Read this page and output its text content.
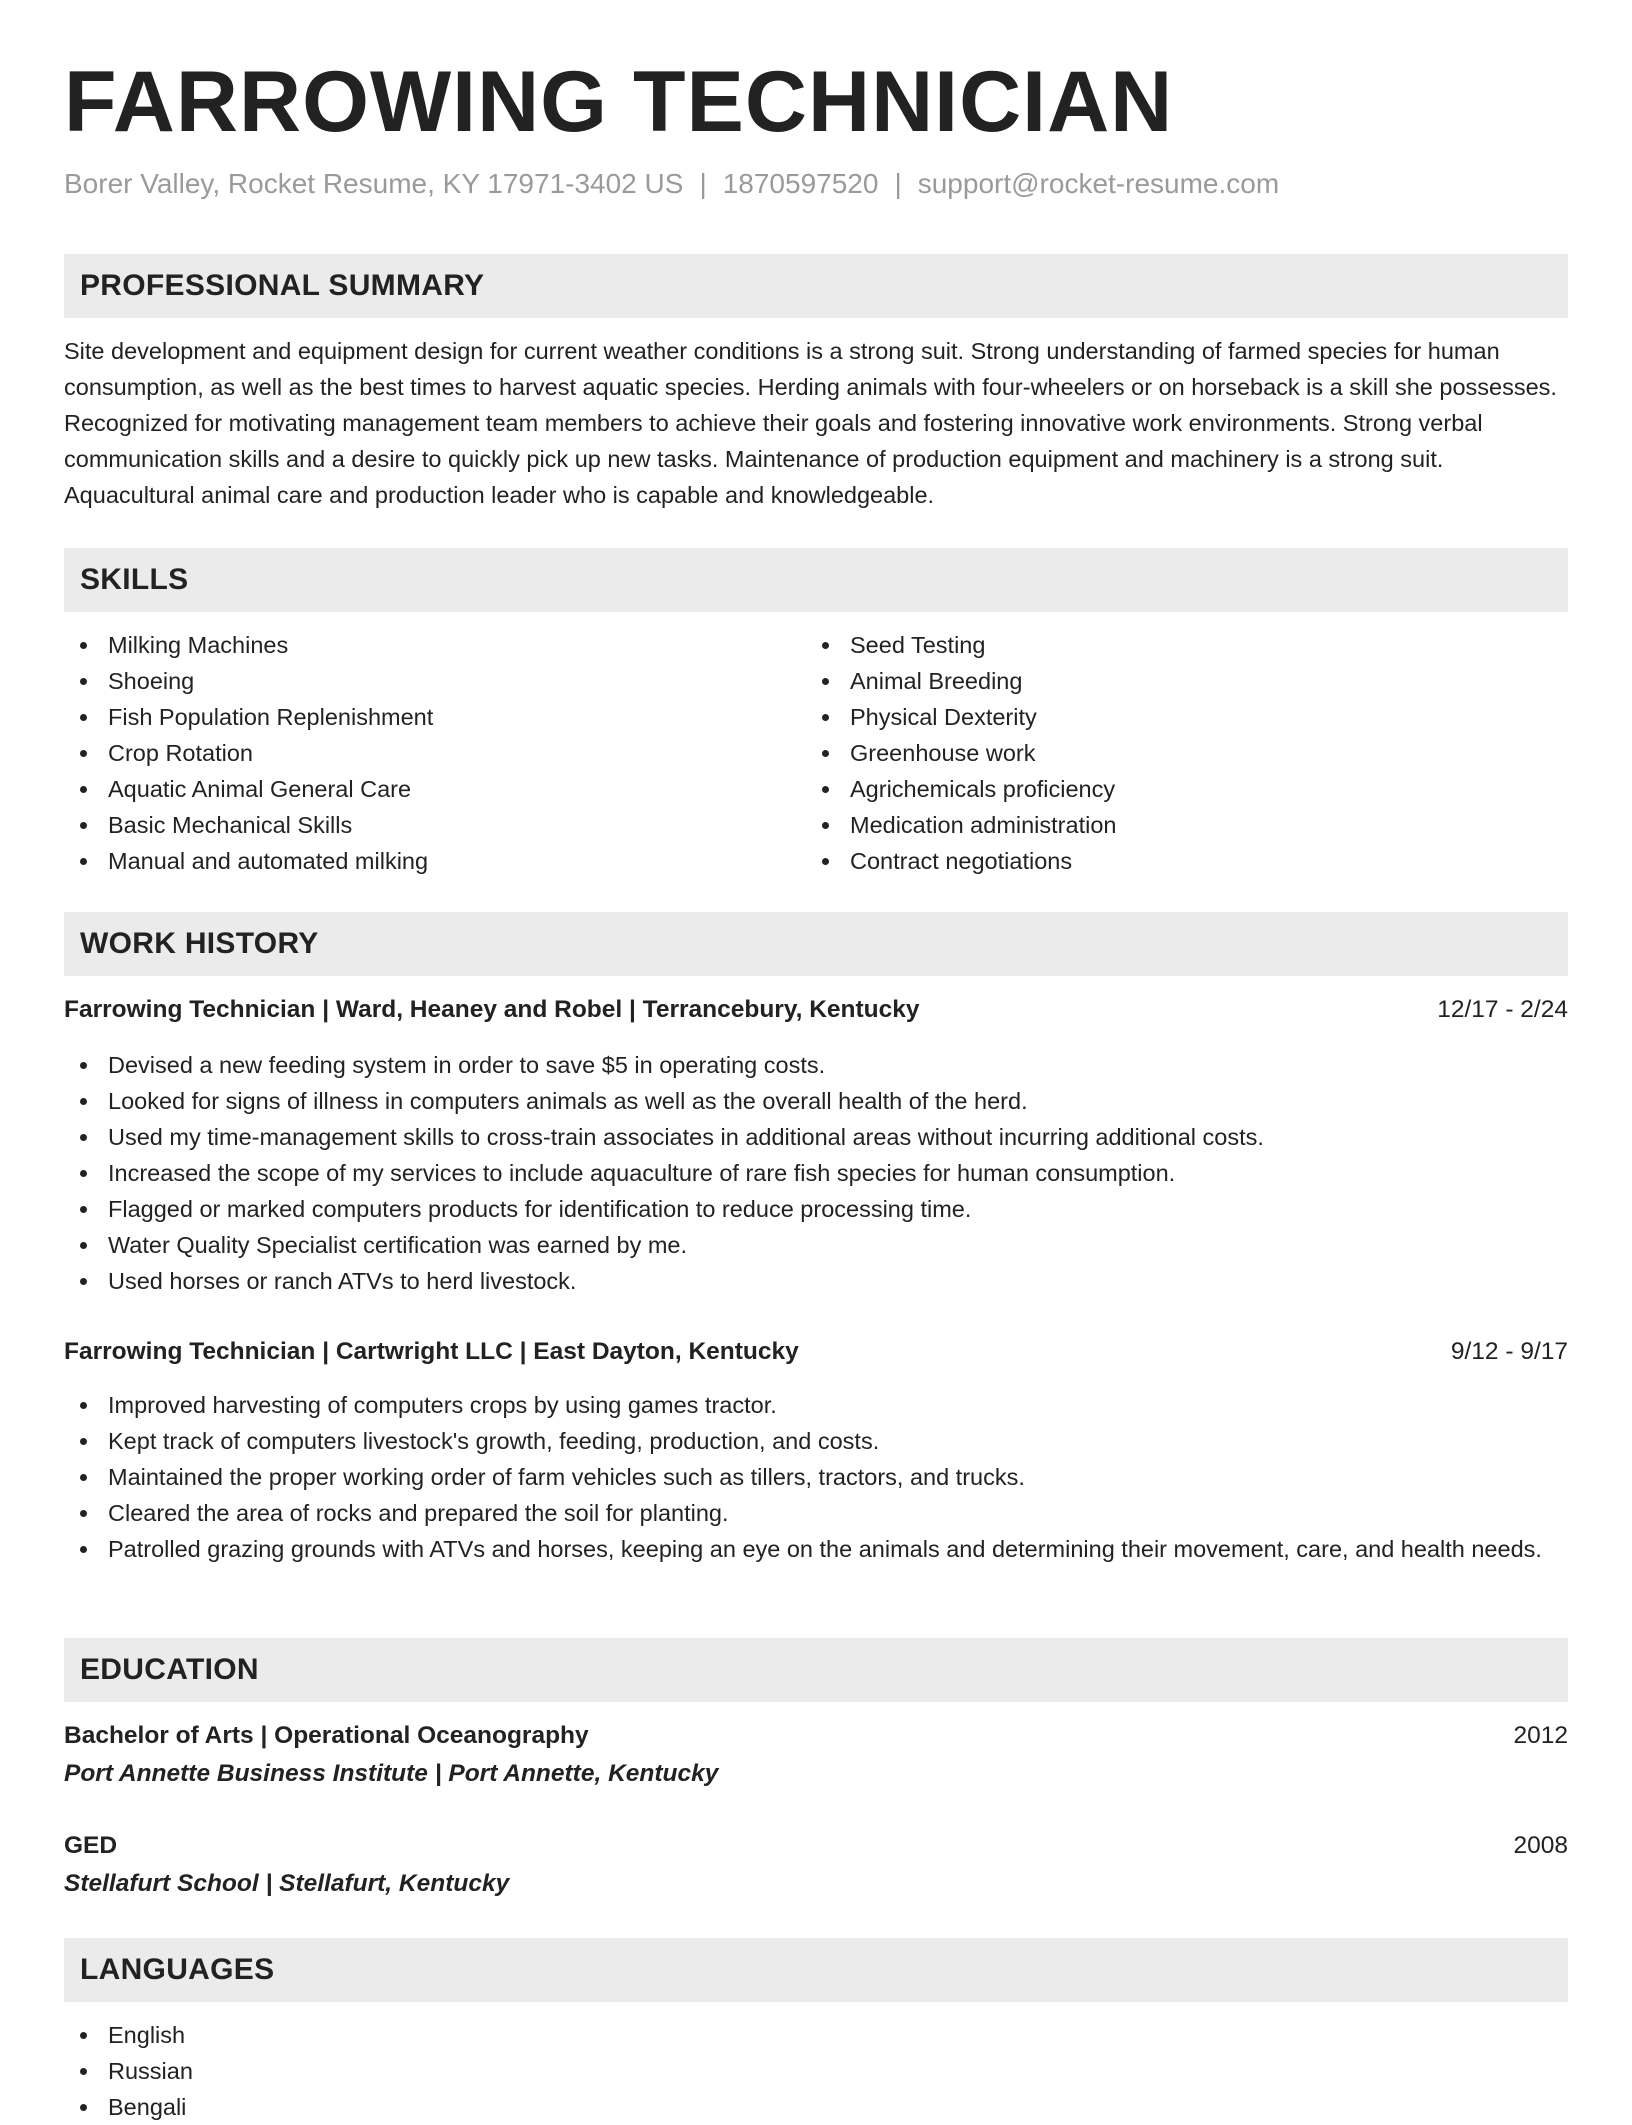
FARROWING TECHNICIAN
Borer Valley, Rocket Resume, KY 17971-3402 US | 1870597520 | support@rocket-resume.com
PROFESSIONAL SUMMARY

Site development and equipment design for current weather conditions is a strong suit. Strong understanding of farmed species for human consumption, as well as the best times to harvest aquatic species. Herding animals with four-wheelers or on horseback is a skill she possesses. Recognized for motivating management team members to achieve their goals and fostering innovative work environments. Strong verbal communication skills and a desire to quickly pick up new tasks. Maintenance of production equipment and machinery is a strong suit. Aquacultural animal care and production leader who is capable and knowledgeable.

SKILLS
Milking Machines
Shoeing
Fish Population Replenishment
Crop Rotation
Aquatic Animal General Care
Basic Mechanical Skills
Manual and automated milking
Seed Testing
Animal Breeding
Physical Dexterity
Greenhouse work
Agrichemicals proficiency
Medication administration
Contract negotiations
WORK HISTORY
Farrowing Technician | Ward, Heaney and Robel | Terrancebury, Kentucky	12/17 - 2/24
Devised a new feeding system in order to save $5 in operating costs.
Looked for signs of illness in computers animals as well as the overall health of the herd.
Used my time-management skills to cross-train associates in additional areas without incurring additional costs.
Increased the scope of my services to include aquaculture of rare fish species for human consumption.
Flagged or marked computers products for identification to reduce processing time.
Water Quality Specialist certification was earned by me.
Used horses or ranch ATVs to herd livestock.
Farrowing Technician | Cartwright LLC | East Dayton, Kentucky	9/12 - 9/17
Improved harvesting of computers crops by using games tractor.
Kept track of computers livestock's growth, feeding, production, and costs.
Maintained the proper working order of farm vehicles such as tillers, tractors, and trucks.
Cleared the area of rocks and prepared the soil for planting.
Patrolled grazing grounds with ATVs and horses, keeping an eye on the animals and determining their movement, care, and health needs.
EDUCATION
Bachelor of Arts | Operational Oceanography	2012
Port Annette Business Institute | Port Annette, Kentucky
GED	2008
Stellafurt School | Stellafurt, Kentucky
LANGUAGES
English
Russian
Bengali
